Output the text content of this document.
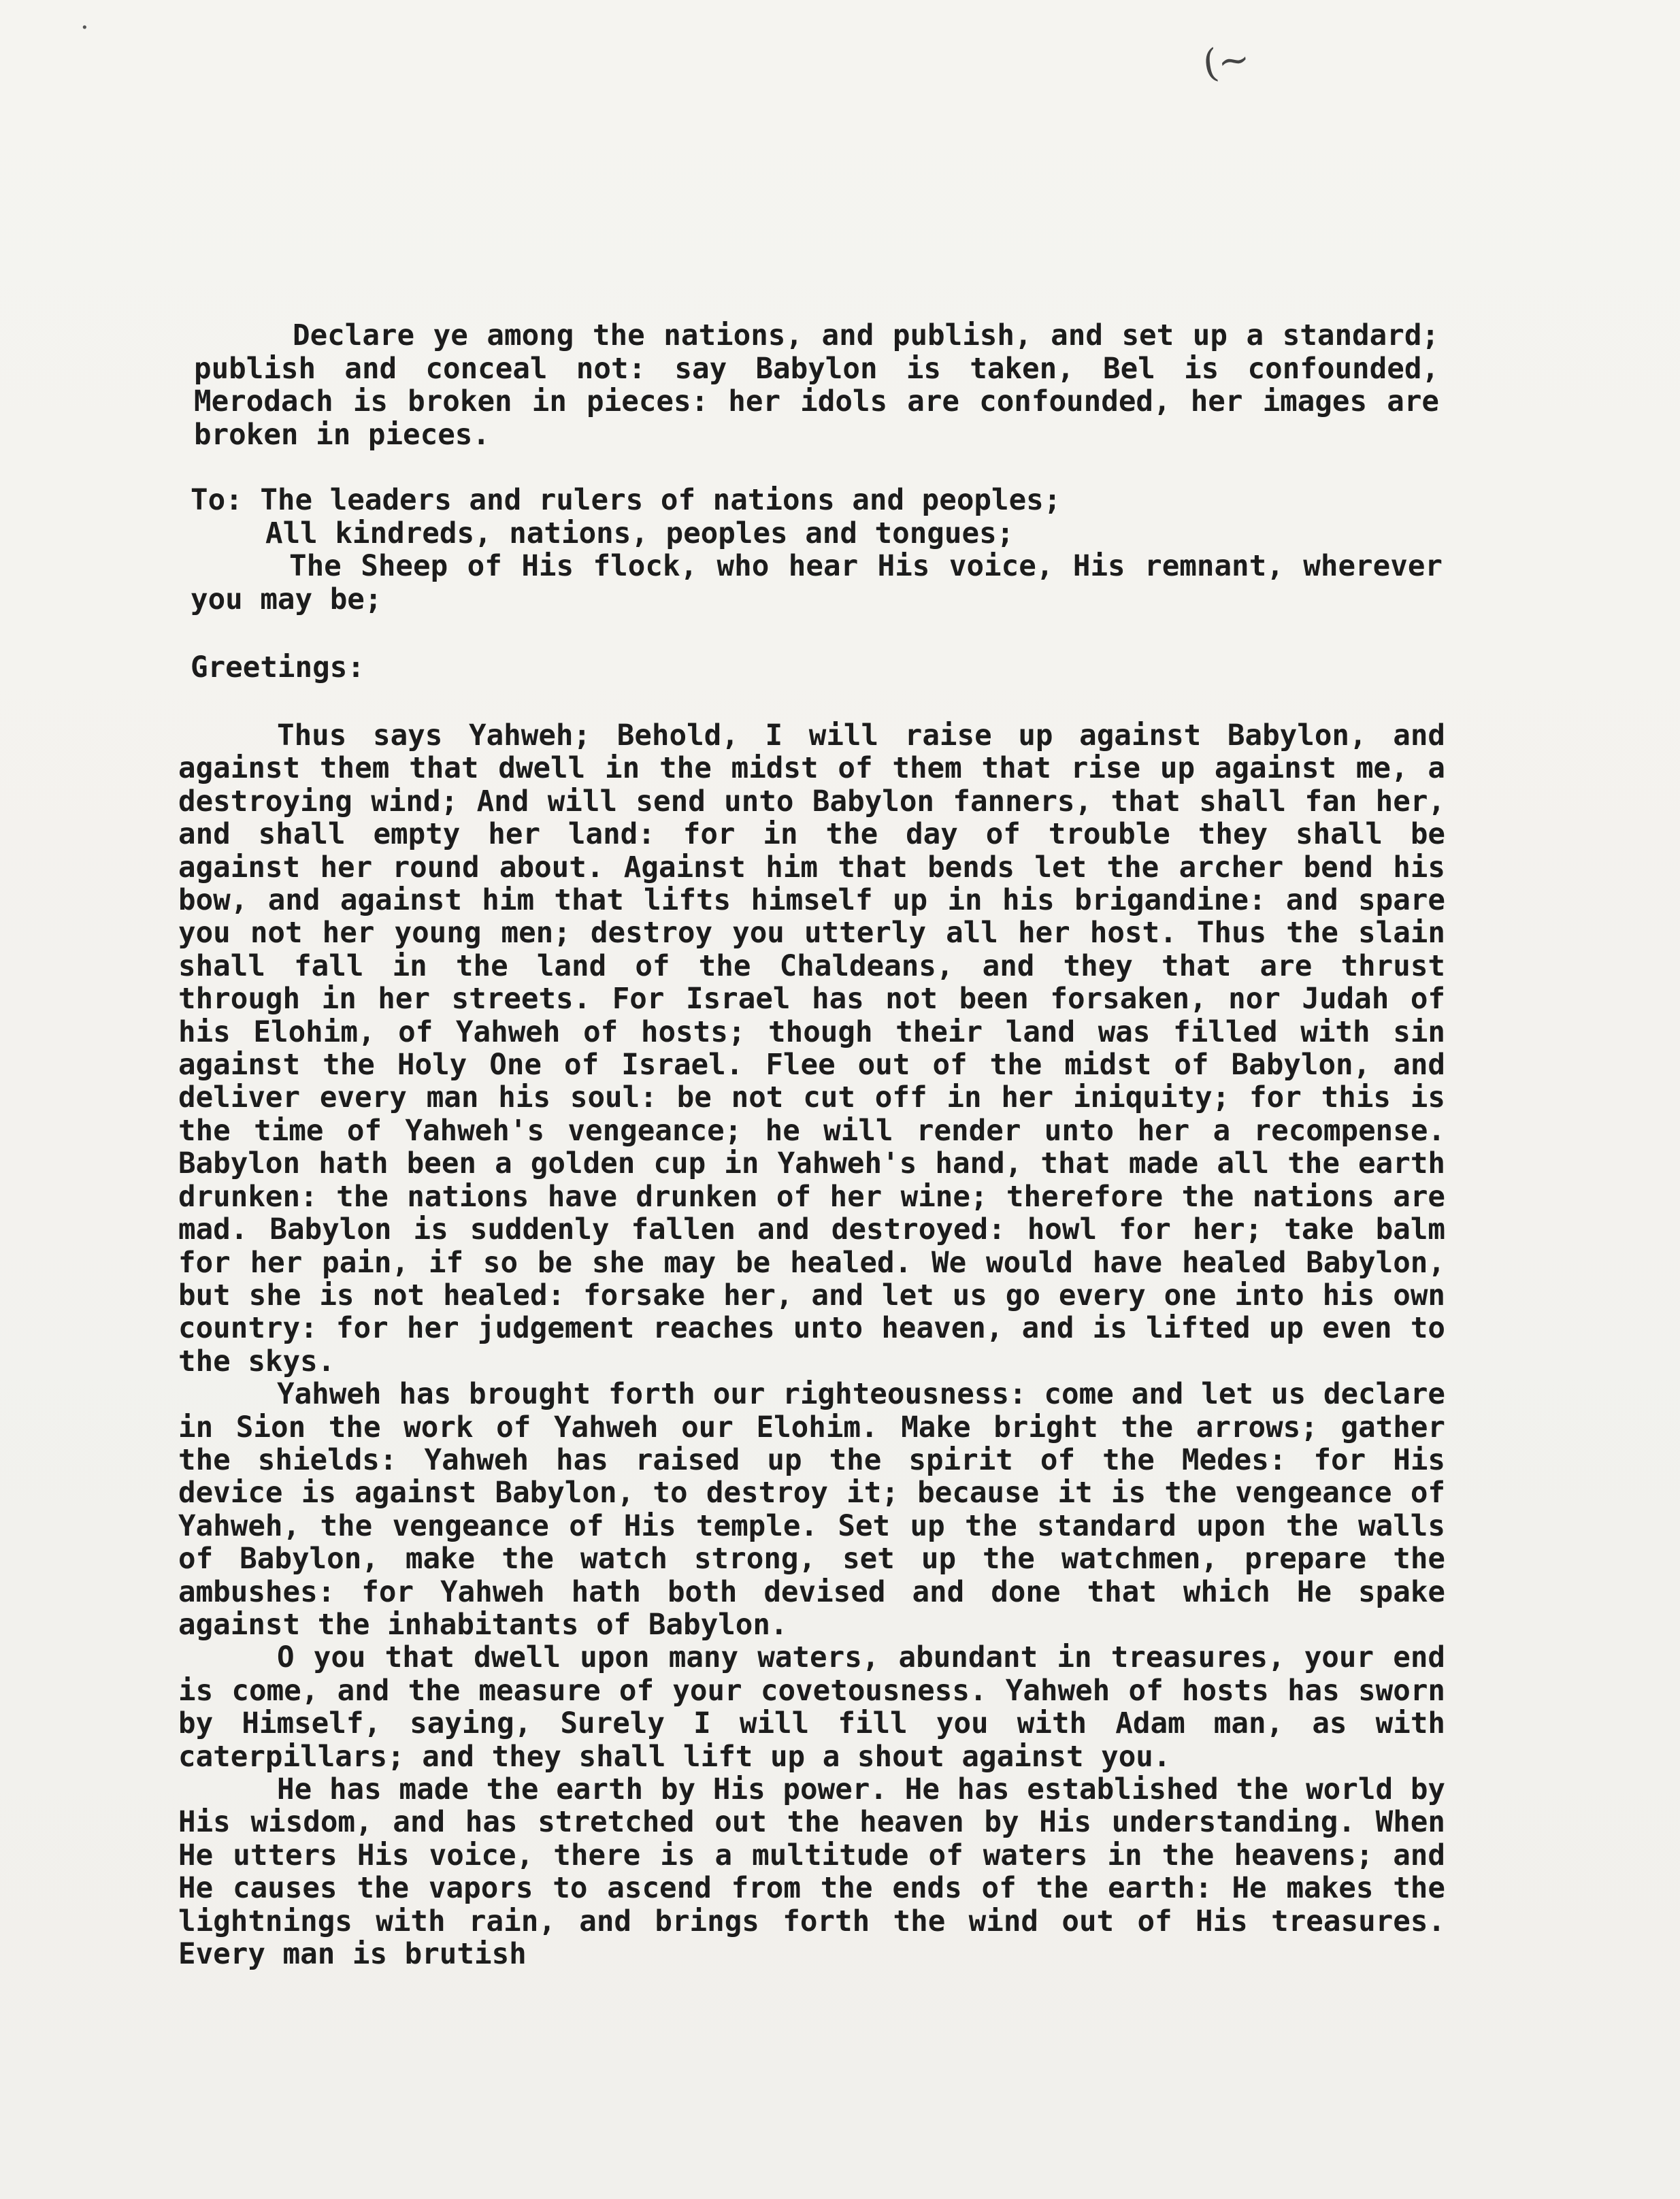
·
(~

Declare ye among the nations, and publish, and set up a standard; publish and conceal not: say Babylon is taken, Bel is confounded, Merodach is broken in pieces: her idols are confounded, her images are broken in pieces.

To: The leaders and rulers of nations and peoples;

All kindreds, nations, peoples and tongues;

The Sheep of His flock, who hear His voice, His remnant, wherever you may be;

Greetings:

Thus says Yahweh; Behold, I will raise up against Babylon, and against them that dwell in the midst of them that rise up against me, a destroying wind; And will send unto Babylon fanners, that shall fan her, and shall empty her land: for in the day of trouble they shall be against her round about. Against him that bends let the archer bend his bow, and against him that lifts himself up in his brigandine: and spare you not her young men; destroy you utterly all her host. Thus the slain shall fall in the land of the Chaldeans, and they that are thrust through in her streets. For Israel has not been forsaken, nor Judah of his Elohim, of Yahweh of hosts; though their land was filled with sin against the Holy One of Israel. Flee out of the midst of Babylon, and deliver every man his soul: be not cut off in her iniquity; for this is the time of Yahweh's vengeance; he will render unto her a recompense. Babylon hath been a golden cup in Yahweh's hand, that made all the earth drunken: the nations have drunken of her wine; therefore the nations are mad. Babylon is suddenly fallen and destroyed: howl for her; take balm for her pain, if so be she may be healed. We would have healed Babylon, but she is not healed: forsake her, and let us go every one into his own country: for her judgement reaches unto heaven, and is lifted up even to the skys.

Yahweh has brought forth our righteousness: come and let us declare in Sion the work of Yahweh our Elohim. Make bright the arrows; gather the shields: Yahweh has raised up the spirit of the Medes: for His device is against Babylon, to destroy it; because it is the vengeance of Yahweh, the vengeance of His temple. Set up the standard upon the walls of Babylon, make the watch strong, set up the watchmen, prepare the ambushes: for Yahweh hath both devised and done that which He spake against the inhabitants of Babylon.

O you that dwell upon many waters, abundant in treasures, your end is come, and the measure of your covetousness. Yahweh of hosts has sworn by Himself, saying, Surely I will fill you with Adam man, as with caterpillars; and they shall lift up a shout against you.

He has made the earth by His power. He has established the world by His wisdom, and has stretched out the heaven by His understanding. When He utters His voice, there is a multitude of waters in the heavens; and He causes the vapors to ascend from the ends of the earth: He makes the lightnings with rain, and brings forth the wind out of His treasures. Every man is brutish
